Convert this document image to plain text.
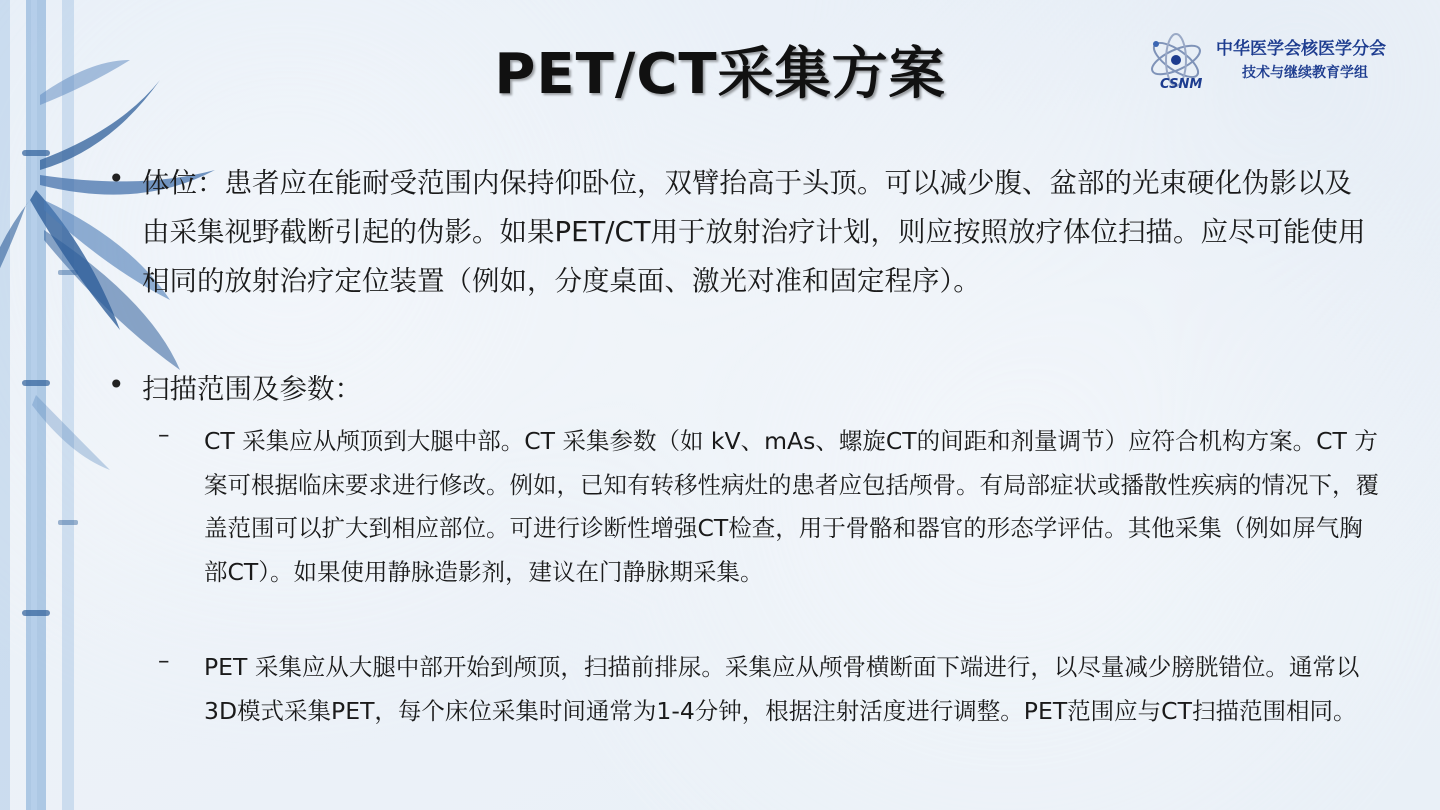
PET/CT采集方案	CSNM
中华医学会核医学分会
技术与继续教育学组
• 体位：患者应在能耐受范围内保持仰卧位，双臂抬高于头顶。可以减少腹、盆部的光束硬化伪影以及由采集视野截断引起的伪影。如果PET/CT用于放射治疗计划，则应按照放疗体位扫描。应尽可能使用相同的放射治疗定位装置（例如，分度桌面、激光对准和固定程序）。
• 扫描范围及参数：
– CT 采集应从颅顶到大腿中部。CT 采集参数（如 kV、mAs、螺旋CT的间距和剂量调节）应符合机构方案。CT 方案可根据临床要求进行修改。例如，已知有转移性病灶的患者应包括颅骨。有局部症状或播散性疾病的情况下，覆盖范围可以扩大到相应部位。可进行诊断性增强CT检查，用于骨骼和器官的形态学评估。其他采集（例如屏气胸部CT）。如果使用静脉造影剂，建议在门静脉期采集。
– PET 采集应从大腿中部开始到颅顶，扫描前排尿。采集应从颅骨横断面下端进行，以尽量减少膀胱错位。通常以3D模式采集PET，每个床位采集时间通常为1-4分钟，根据注射活度进行调整。PET范围应与CT扫描范围相同。
